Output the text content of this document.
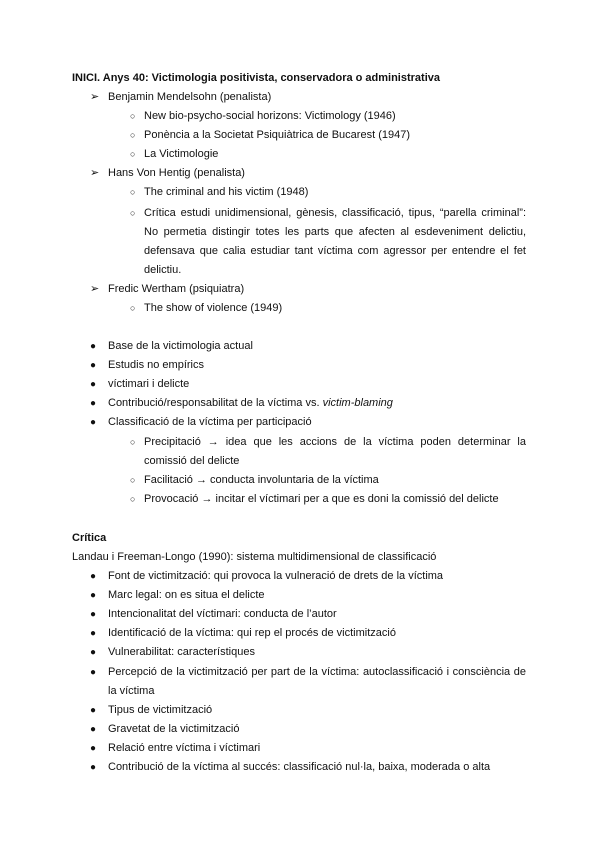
INICI. Anys 40: Victimologia positivista, conservadora o administrativa
➢ Benjamin Mendelsohn (penalista)
○ New bio-psycho-social horizons: Victimology (1946)
○ Ponència a la Societat Psiquiàtrica de Bucarest (1947)
○ La Victimologie
➢ Hans Von Hentig (penalista)
○ The criminal and his victim (1948)
○ Crítica estudi unidimensional, gènesis, classificació, tipus, “parella criminal”:
No permetia distingir totes les parts que afecten al esdeveniment delictiu,
defensava que calia estudiar tant víctima com agressor per entendre el fet
delictiu.
➢ Fredic Wertham (psiquiatra)
○ The show of violence (1949)
● Base de la victimologia actual
● Estudis no empírics
● víctimari i delicte
● Contribució/responsabilitat de la víctima vs. victim-blaming
● Classificació de la víctima per participació
○ Precipitació → idea que les accions de la víctima poden determinar la
comissió del delicte
○ Facilitació → conducta involuntaria de la víctima
○ Provocació → incitar el víctimari per a que es doni la comissió del delicte
Crítica
Landau i Freeman-Longo (1990): sistema multidimensional de classificació
● Font de victimització: qui provoca la vulneració de drets de la víctima
● Marc legal: on es situa el delicte
● Intencionalitat del víctimari: conducta de l’autor
● Identificació de la víctima: qui rep el procés de victimització
● Vulnerabilitat: característiques
● Percepció de la victimització per part de la víctima: autoclassificació i consciència de
la víctima
● Tipus de victimització
● Gravetat de la victimització
● Relació entre víctima i víctimari
● Contribució de la víctima al succés: classificació nul·la, baixa, moderada o alta
